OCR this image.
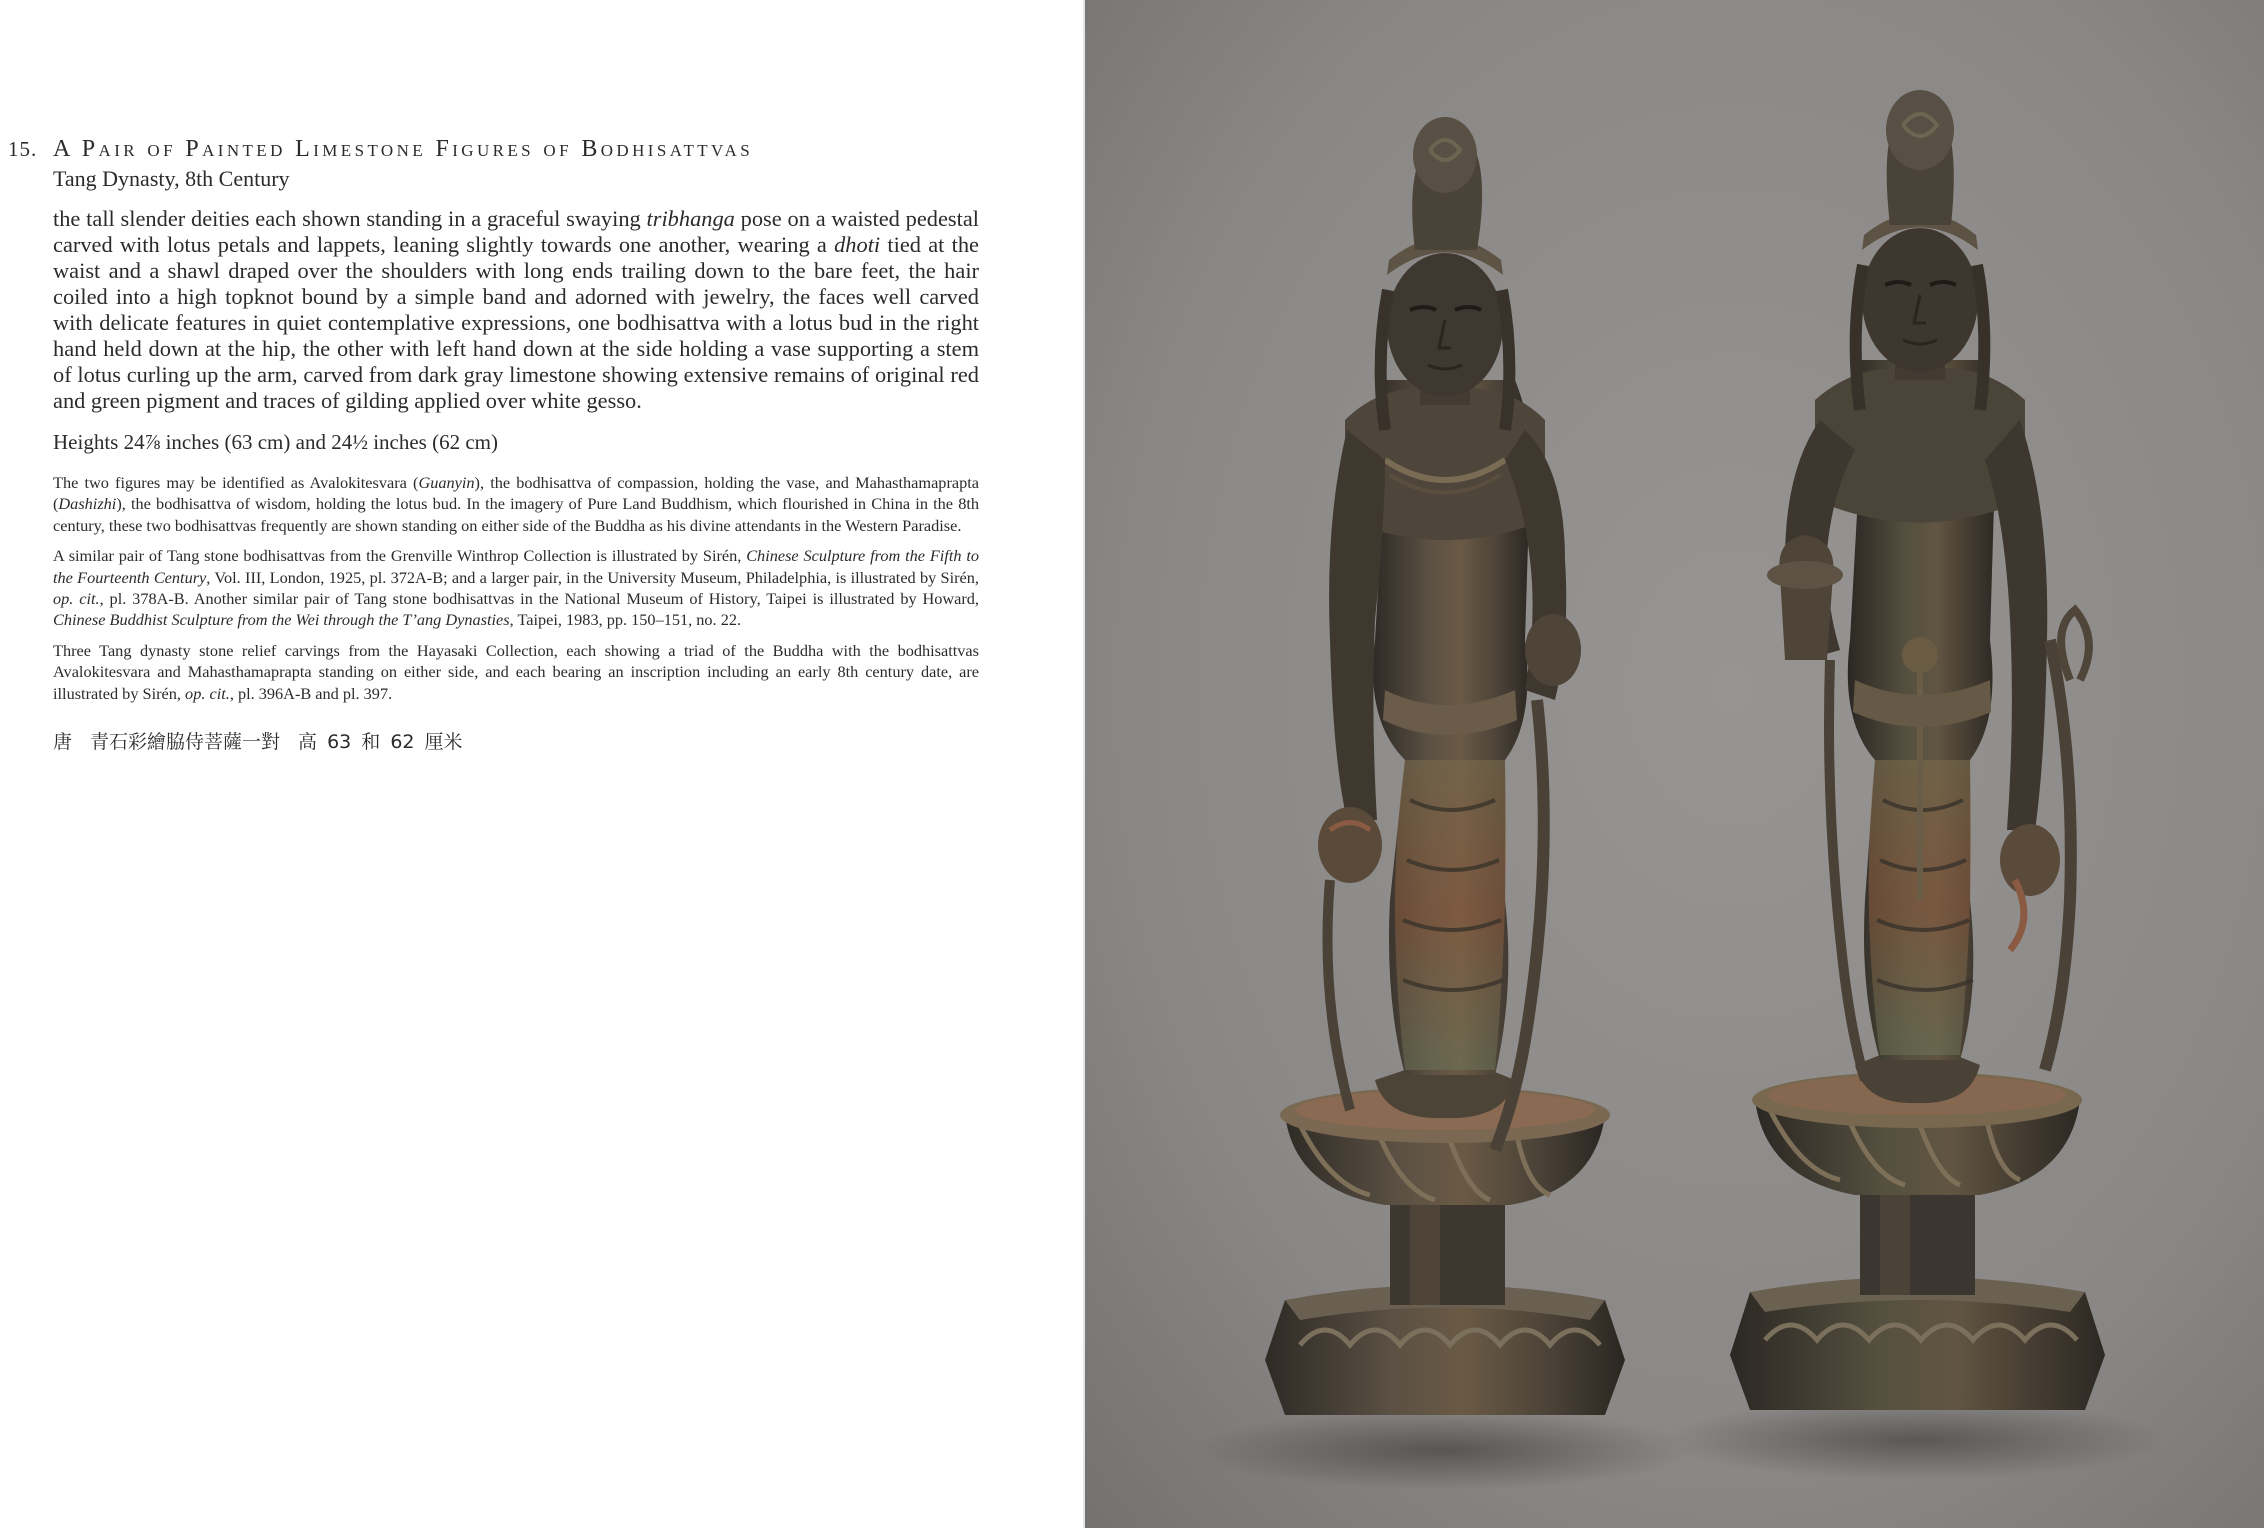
15. A Pair of Painted Limestone Figures of Bodhisattvas
Tang Dynasty, 8th Century

the tall slender deities each shown standing in a graceful swaying tribhanga pose on a waisted pedestal carved with lotus petals and lappets, leaning slightly towards one another, wearing a dhoti tied at the waist and a shawl draped over the shoulders with long ends trailing down to the bare feet, the hair coiled into a high topknot bound by a simple band and adorned with jewelry, the faces well carved with delicate features in quiet contemplative expressions, one bodhisattva with a lotus bud in the right hand held down at the hip, the other with left hand down at the side holding a vase supporting a stem of lotus curling up the arm, carved from dark gray limestone showing extensive remains of original red and green pigment and traces of gilding applied over white gesso.

Heights 24⅞ inches (63 cm) and 24½ inches (62 cm)

The two figures may be identified as Avalokitesvara (Guanyin), the bodhisattva of compassion, holding the vase, and Mahasthamaprapta (Dashizhi), the bodhisattva of wisdom, holding the lotus bud. In the imagery of Pure Land Buddhism, which flourished in China in the 8th century, these two bodhisattvas frequently are shown standing on either side of the Buddha as his divine attendants in the Western Paradise.

A similar pair of Tang stone bodhisattvas from the Grenville Winthrop Collection is illustrated by Sirén, Chinese Sculpture from the Fifth to the Fourteenth Century, Vol. III, London, 1925, pl. 372A-B; and a larger pair, in the University Museum, Philadelphia, is illustrated by Sirén, op. cit., pl. 378A-B. Another similar pair of Tang stone bodhisattvas in the National Museum of History, Taipei is illustrated by Howard, Chinese Buddhist Sculpture from the Wei through the T’ang Dynasties, Taipei, 1983, pp. 150–151, no. 22.

Three Tang dynasty stone relief carvings from the Hayasaki Collection, each showing a triad of the Buddha with the bodhisattvas Avalokitesvara and Mahasthamaprapta standing on either side, and each bearing an inscription including an early 8th century date, are illustrated by Sirén, op. cit., pl. 396A-B and pl. 397.

唐 青石彩繪脇侍菩薩一對 高 63 和 62 厘米
